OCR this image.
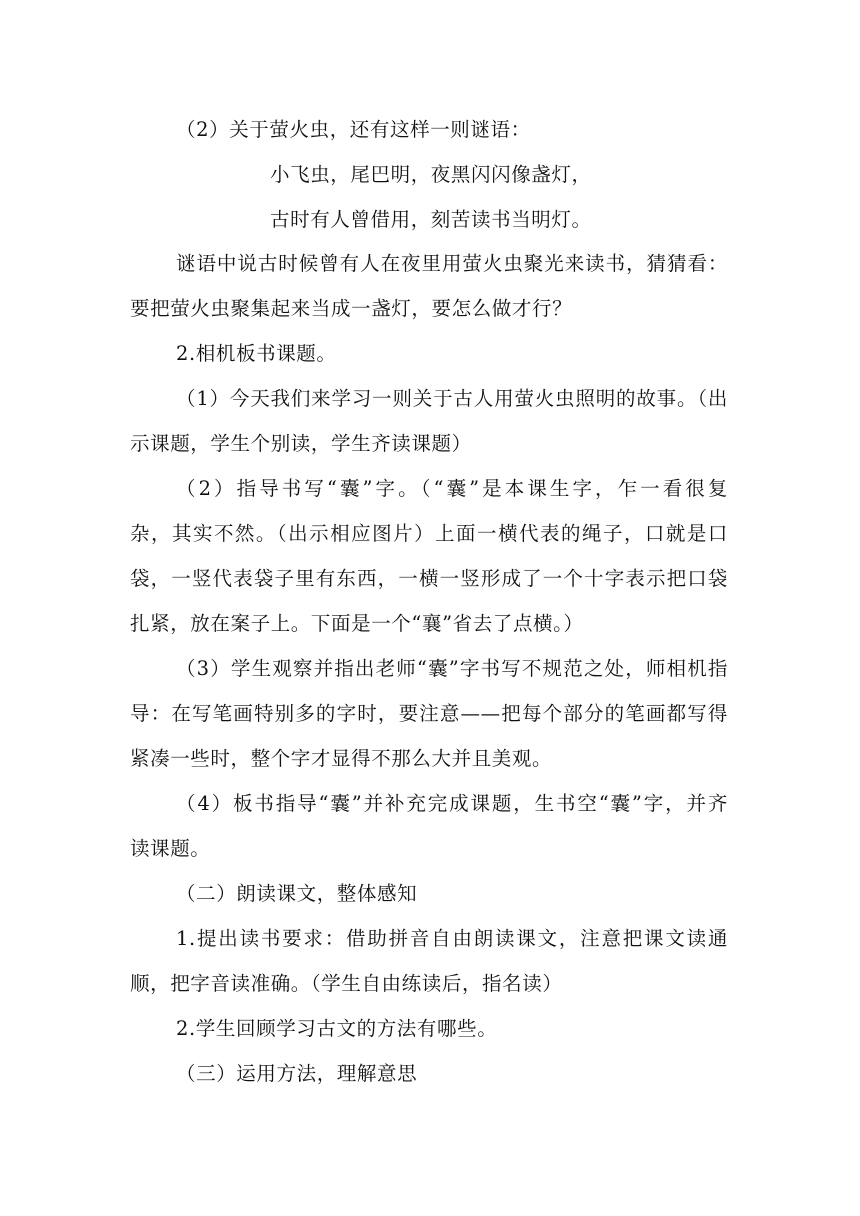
（2）关于萤火虫，还有这样一则谜语：
小飞虫，尾巴明，夜黑闪闪像盏灯，
古时有人曾借用，刻苦读书当明灯。
谜语中说古时候曾有人在夜里用萤火虫聚光来读书，猜猜看：
要把萤火虫聚集起来当成一盏灯，要怎么做才行？
2.相机板书课题。
（1）今天我们来学习一则关于古人用萤火虫照明的故事。（出
示课题，学生个别读，学生齐读课题）
（2）指导书写“囊”字。（“囊”是本课生字，乍一看很复
杂，其实不然。（出示相应图片）上面一横代表的绳子，口就是口
袋，一竖代表袋子里有东西，一横一竖形成了一个十字表示把口袋
扎紧，放在案子上。下面是一个“襄”省去了点横。）
（3）学生观察并指出老师“囊”字书写不规范之处，师相机指
导：在写笔画特别多的字时，要注意——把每个部分的笔画都写得
紧凑一些时，整个字才显得不那么大并且美观。
（4）板书指导“囊”并补充完成课题，生书空“囊”字，并齐
读课题。
（二）朗读课文，整体感知
1.提出读书要求：借助拼音自由朗读课文，注意把课文读通
顺，把字音读准确。（学生自由练读后，指名读）
2.学生回顾学习古文的方法有哪些。
（三）运用方法，理解意思
